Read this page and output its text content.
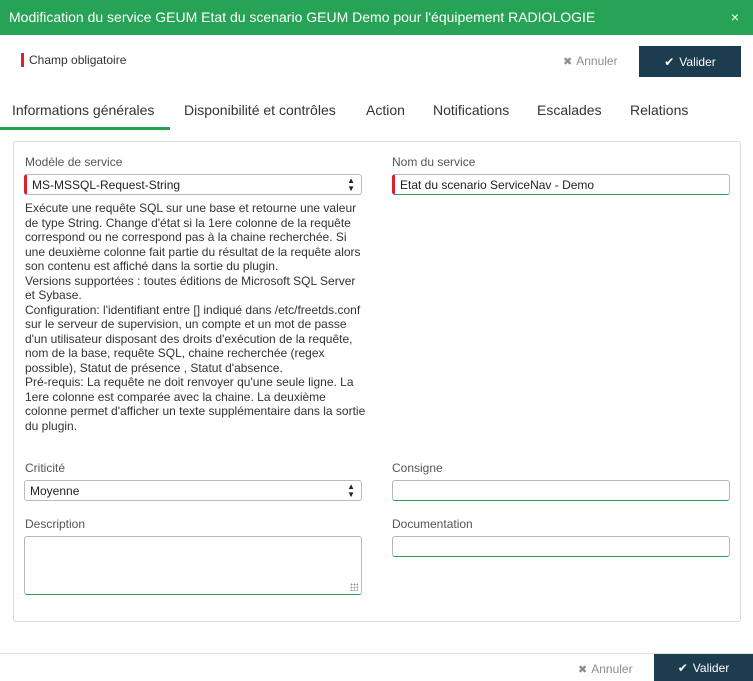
Modification du service GEUM Etat du scenario GEUM Demo pour l'équipement RADIOLOGIE	×
Champ obligatoire	✖ Annuler	✔ Valider
Informations générales	Disponibilité et contrôles Action Notifications Escalades Relations
Modèle de service
MS-MSSQL-Request-String	▲
▼
Exécute une requête SQL sur une base et retourne une valeur de type String. Change d'état si la 1ere colonne de la requête correspond ou ne correspond pas à la chaine recherchée. Si une deuxième colonne fait partie du résultat de la requête alors son contenu est affiché dans la sortie du plugin.
Versions supportées : toutes éditions de Microsoft SQL Server et Sybase.
Configuration: l'identifiant entre [] indiqué dans /etc/freetds.conf sur le serveur de supervision, un compte et un mot de passe d'un utilisateur disposant des droits d'exécution de la requête, nom de la base, requête SQL, chaine recherchée (regex possible), Statut de présence , Statut d'absence.
Pré-requis: La requête ne doit renvoyer qu'une seule ligne. La 1ere colonne est comparée avec la chaine. La deuxième colonne permet d'afficher un texte supplémentaire dans la sortie du plugin.
Nom du service
Etat du scenario ServiceNav - Demo
Criticité
Moyenne	▲
▼
Consigne
Description	Documentation
✖ Annuler	✔ Valider
